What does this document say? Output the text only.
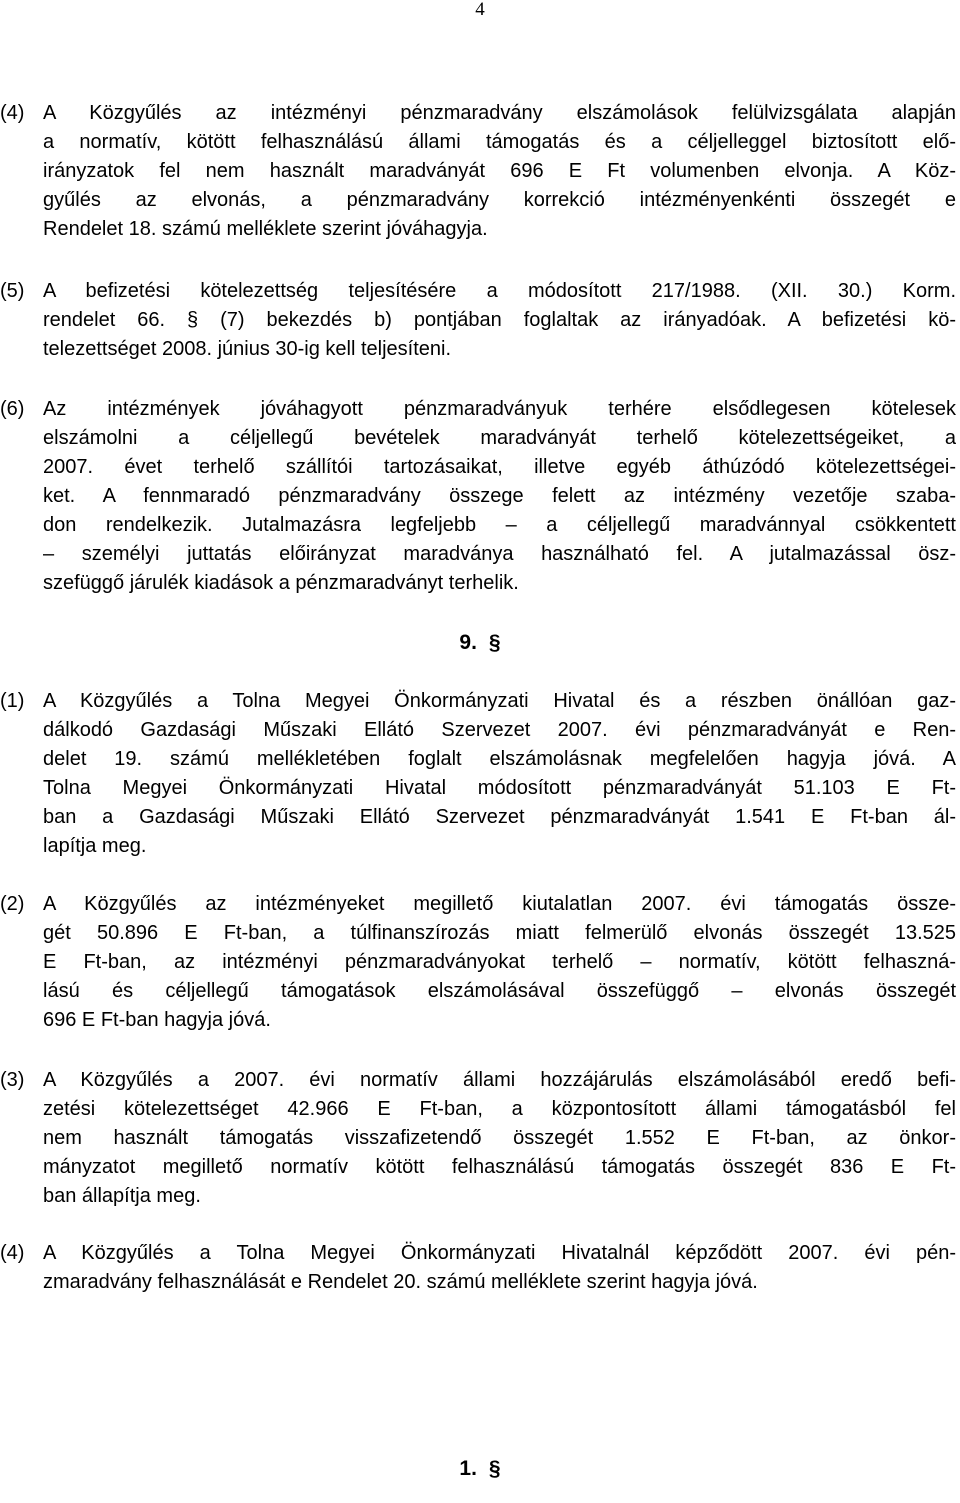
4
(4) A Közgyűlés az intézményi pénzmaradvány elszámolások felülvizsgálata alapján
a normatív, kötött felhasználású állami támogatás és a céljelleggel biztosított elő-
irányzatok fel nem használt maradványát 696 E Ft volumenben elvonja. A Köz-
gyűlés az elvonás, a pénzmaradvány korrekció intézményenkénti összegét e
Rendelet 18. számú melléklete szerint jóváhagyja.
(5) A befizetési kötelezettség teljesítésére a módosított 217/1988. (XII. 30.) Korm.
rendelet 66. § (7) bekezdés b) pontjában foglaltak az irányadóak. A befizetési kö-
telezettséget 2008. június 30-ig kell teljesíteni.
(6) Az intézmények jóváhagyott pénzmaradványuk terhére elsődlegesen kötelesek
elszámolni a céljellegű bevételek maradványát terhelő kötelezettségeiket, a
2007. évet terhelő szállítói tartozásaikat, illetve egyéb áthúzódó kötelezettségei-
ket. A fennmaradó pénzmaradvány összege felett az intézmény vezetője szaba-
don rendelkezik. Jutalmazásra legfeljebb – a céljellegű maradvánnyal csökkentett
– személyi juttatás előirányzat maradványa használható fel. A jutalmazással ösz-
szefüggő járulék kiadások a pénzmaradványt terhelik.
9. §
(1) A Közgyűlés a Tolna Megyei Önkormányzati Hivatal és a részben önállóan gaz-
dálkodó Gazdasági Műszaki Ellátó Szervezet 2007. évi pénzmaradványát e Ren-
delet 19. számú mellékletében foglalt elszámolásnak megfelelően hagyja jóvá. A
Tolna Megyei Önkormányzati Hivatal módosított pénzmaradványát 51.103 E Ft-
ban a Gazdasági Műszaki Ellátó Szervezet pénzmaradványát 1.541 E Ft-ban ál-
lapítja meg.
(2) A Közgyűlés az intézményeket megillető kiutalatlan 2007. évi támogatás össze-
gét 50.896 E Ft-ban, a túlfinanszírozás miatt felmerülő elvonás összegét 13.525
E Ft-ban, az intézményi pénzmaradványokat terhelő – normatív, kötött felhaszná-
lású és céljellegű támogatások elszámolásával összefüggő – elvonás összegét
696 E Ft-ban hagyja jóvá.
(3) A Közgyűlés a 2007. évi normatív állami hozzájárulás elszámolásából eredő befi-
zetési kötelezettséget 42.966 E Ft-ban, a központosított állami támogatásból fel
nem használt támogatás visszafizetendő összegét 1.552 E Ft-ban, az önkor-
mányzatot megillető normatív kötött felhasználású támogatás összegét 836 E Ft-
ban állapítja meg.
(4) A Közgyűlés a Tolna Megyei Önkormányzati Hivatalnál képződött 2007. évi pén-
zmaradvány felhasználását e Rendelet 20. számú melléklete szerint hagyja jóvá.
1. §
